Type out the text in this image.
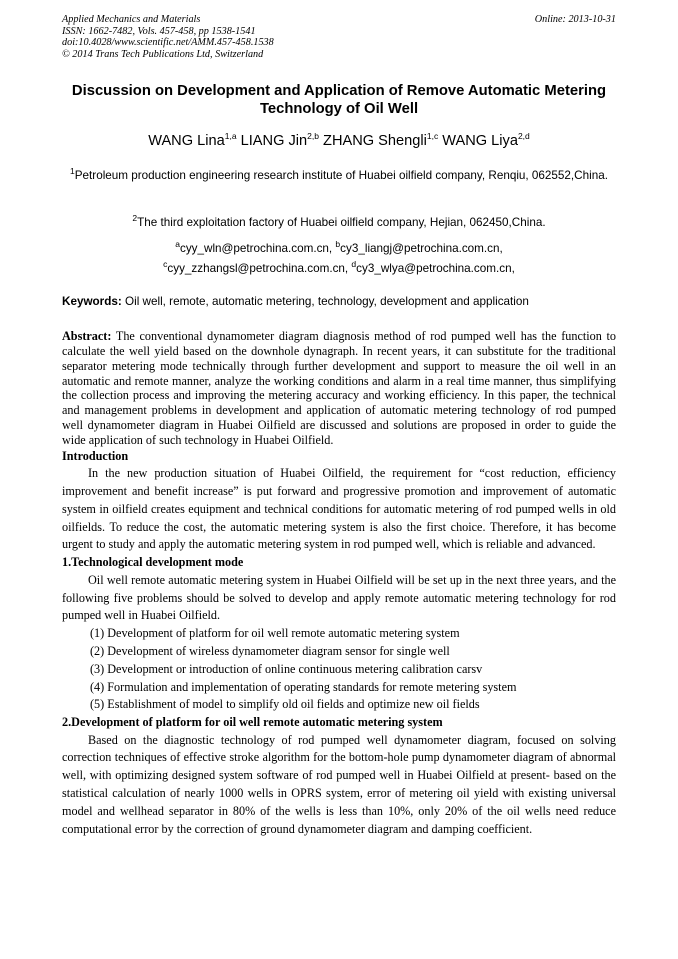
Applied Mechanics and Materials
ISSN: 1662-7482, Vols. 457-458, pp 1538-1541
doi:10.4028/www.scientific.net/AMM.457-458.1538
© 2014 Trans Tech Publications Ltd, Switzerland
Online: 2013-10-31
Discussion on Development and Application of Remove Automatic Metering Technology of Oil Well
WANG Lina$^{1,a}$ LIANG Jin$^{2,b}$ ZHANG Shengli$^{1,c}$ WANG Liya$^{2,d}$
$^1$Petroleum production engineering research institute of Huabei oilfield company, Renqiu, 062552,China.
$^2$The third exploitation factory of Huabei oilfield company, Hejian, 062450,China.
$^a$cyy_wln@petrochina.com.cn, $^b$cy3_liangj@petrochina.com.cn,
$^c$cyy_zzhangsl@petrochina.com.cn, $^d$cy3_wlya@petrochina.com.cn,
Keywords: Oil well, remote, automatic metering, technology, development and application

Abstract: The conventional dynamometer diagram diagnosis method of rod pumped well has the function to calculate the well yield based on the downhole dynagraph. In recent years, it can substitute for the traditional separator metering mode technically through further development and support to measure the oil well in an automatic and remote manner, analyze the working conditions and alarm in a real time manner, thus simplifying the collection process and improving the metering accuracy and working efficiency. In this paper, the technical and management problems in development and application of automatic metering technology of rod pumped well dynamometer diagram in Huabei Oilfield are discussed and solutions are proposed in order to guide the wide application of such technology in Huabei Oilfield.

Introduction

In the new production situation of Huabei Oilfield, the requirement for “cost reduction, efficiency improvement and benefit increase” is put forward and progressive promotion and improvement of automatic system in oilfield creates equipment and technical conditions for automatic metering of rod pumped wells in old oilfields. To reduce the cost, the automatic metering system is also the first choice. Therefore, it has become urgent to study and apply the automatic metering system in rod pumped well, which is reliable and advanced.

1.Technological development mode

Oil well remote automatic metering system in Huabei Oilfield will be set up in the next three years, and the following five problems should be solved to develop and apply remote automatic metering technology for rod pumped well in Huabei Oilfield.

(1) Development of platform for oil well remote automatic metering system
(2) Development of wireless dynamometer diagram sensor for single well
(3) Development or introduction of online continuous metering calibration carsv
(4) Formulation and implementation of operating standards for remote metering system
(5) Establishment of model to simplify old oil fields and optimize new oil fields
2.Development of platform for oil well remote automatic metering system

Based on the diagnostic technology of rod pumped well dynamometer diagram, focused on solving correction techniques of effective stroke algorithm for the bottom-hole pump dynamometer diagram of abnormal well, with optimizing designed system software of rod pumped well in Huabei Oilfield at present- based on the statistical calculation of nearly 1000 wells in OPRS system, error of metering oil yield with existing universal model and wellhead separator in 80% of the wells is less than 10%, only 20% of the oil wells need reduce computational error by the correction of ground dynamometer diagram and damping coefficient.
